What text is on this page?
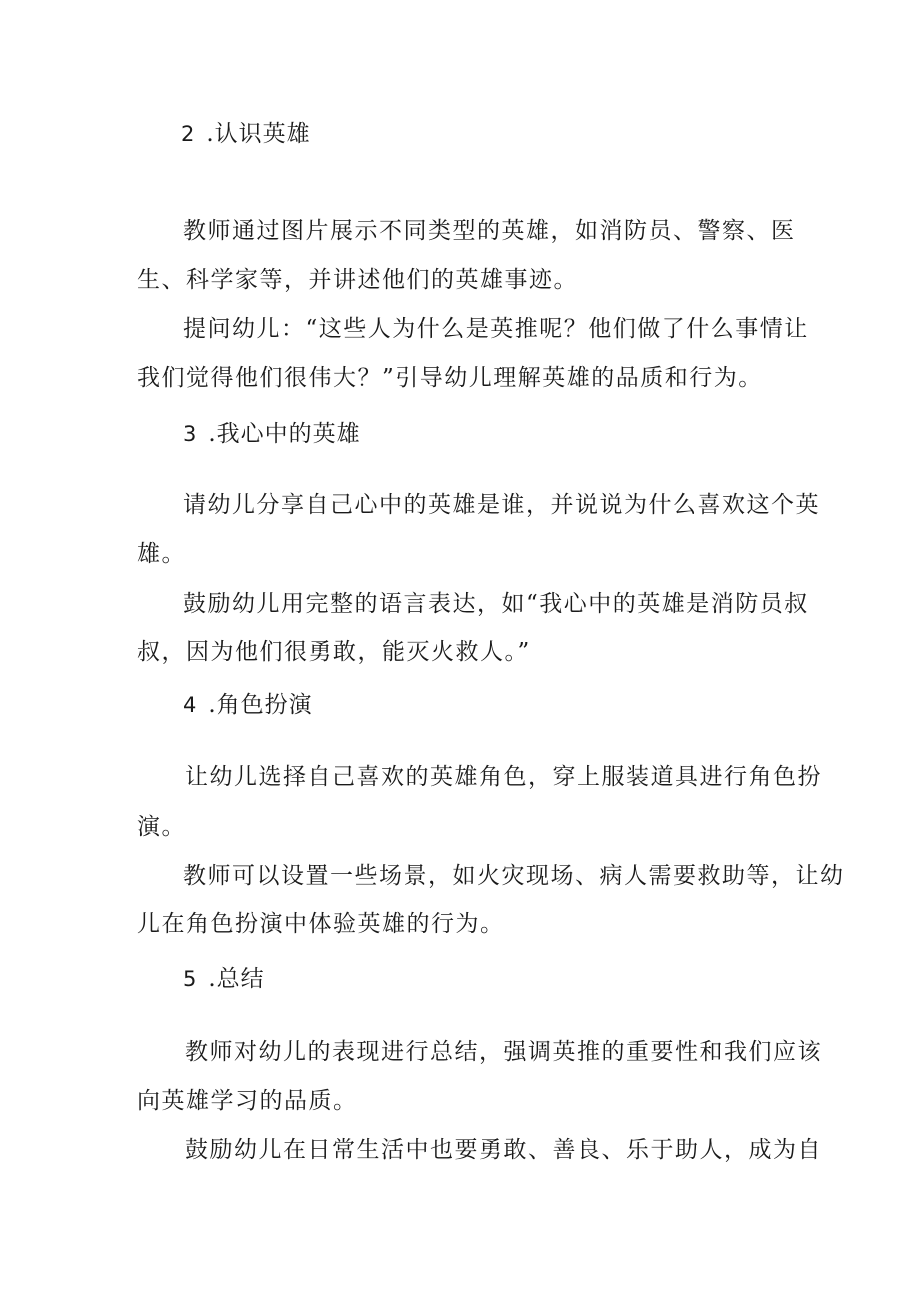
2 .认识英雄
教师通过图片展示不同类型的英雄，如消防员、警察、医
生、科学家等，并讲述他们的英雄事迹。
提问幼儿：“这些人为什么是英推呢？他们做了什么事情让
我们觉得他们很伟大？”引导幼儿理解英雄的品质和行为。
3 .我心中的英雄
请幼儿分享自己心中的英雄是谁，并说说为什么喜欢这个英
雄。
鼓励幼儿用完整的语言表达，如“我心中的英雄是消防员叔
叔，因为他们很勇敢，能灭火救人。”
4 .角色扮演
让幼儿选择自己喜欢的英雄角色，穿上服装道具进行角色扮
演。
教师可以设置一些场景，如火灾现场、病人需要救助等，让幼
儿在角色扮演中体验英雄的行为。
5 .总结
教师对幼儿的表现进行总结，强调英推的重要性和我们应该
向英雄学习的品质。
鼓励幼儿在日常生活中也要勇敢、善良、乐于助人，成为自
